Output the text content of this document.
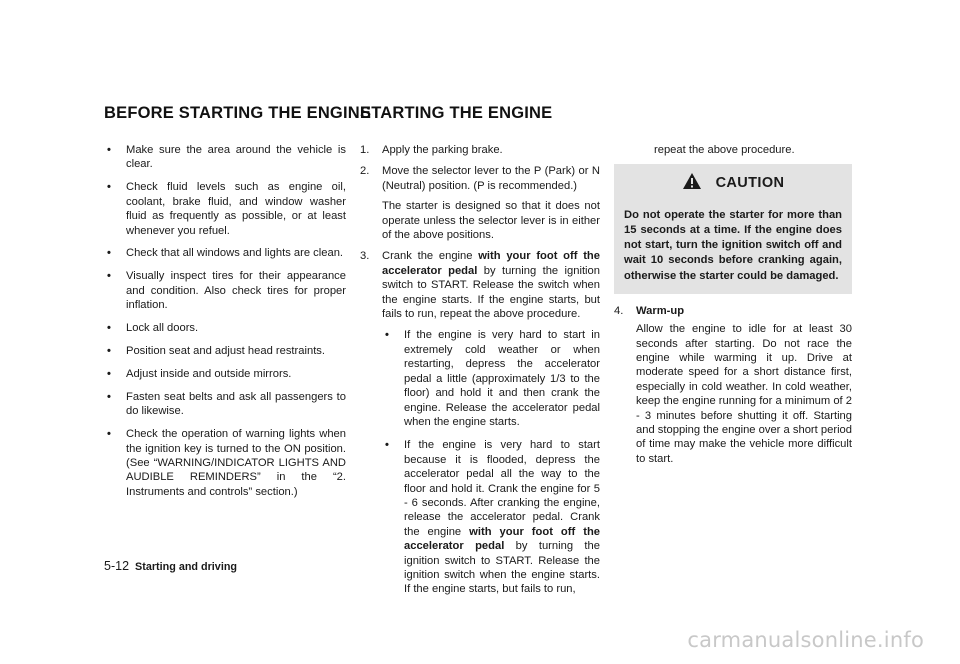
BEFORE STARTING THE ENGINE
STARTING THE ENGINE

• Make sure the area around the vehicle is clear.

• Check fluid levels such as engine oil, coolant, brake fluid, and window washer fluid as frequently as possible, or at least whenever you refuel.

• Check that all windows and lights are clean.

• Visually inspect tires for their appearance and condition. Also check tires for proper inflation.

• Lock all doors.

• Position seat and adjust head restraints.

• Adjust inside and outside mirrors.

• Fasten seat belts and ask all passengers to do likewise.

• Check the operation of warning lights when the ignition key is turned to the ON position. (See “WARNING/INDICATOR LIGHTS AND AUDIBLE REMINDERS” in the “2. Instruments and controls” section.)

1. Apply the parking brake.

2. Move the selector lever to the P (Park) or N (Neutral) position. (P is recommended.)

The starter is designed so that it does not operate unless the selector lever is in either of the above positions.

3. Crank the engine with your foot off the accelerator pedal by turning the ignition switch to START. Release the switch when the engine starts. If the engine starts, but fails to run, repeat the above procedure.

• If the engine is very hard to start in extremely cold weather or when restarting, depress the accelerator pedal a little (approximately 1/3 to the floor) and hold it and then crank the engine. Release the accelerator pedal when the engine starts.

• If the engine is very hard to start because it is flooded, depress the accelerator pedal all the way to the floor and hold it. Crank the engine for 5 - 6 seconds. After cranking the engine, release the accelerator pedal. Crank the engine with your foot off the accelerator pedal by turning the ignition switch to START. Release the ignition switch when the engine starts. If the engine starts, but fails to run,

repeat the above procedure.

CAUTION
Do not operate the starter for more than 15 seconds at a time. If the engine does not start, turn the ignition switch off and wait 10 seconds before cranking again, otherwise the starter could be damaged.

4. Warm-up

Allow the engine to idle for at least 30 seconds after starting. Do not race the engine while warming it up. Drive at moderate speed for a short distance first, especially in cold weather. In cold weather, keep the engine running for a minimum of 2 - 3 minutes before shutting it off. Starting and stopping the engine over a short period of time may make the vehicle more difficult to start.

5-12 Starting and driving
carmanualsonline.info
